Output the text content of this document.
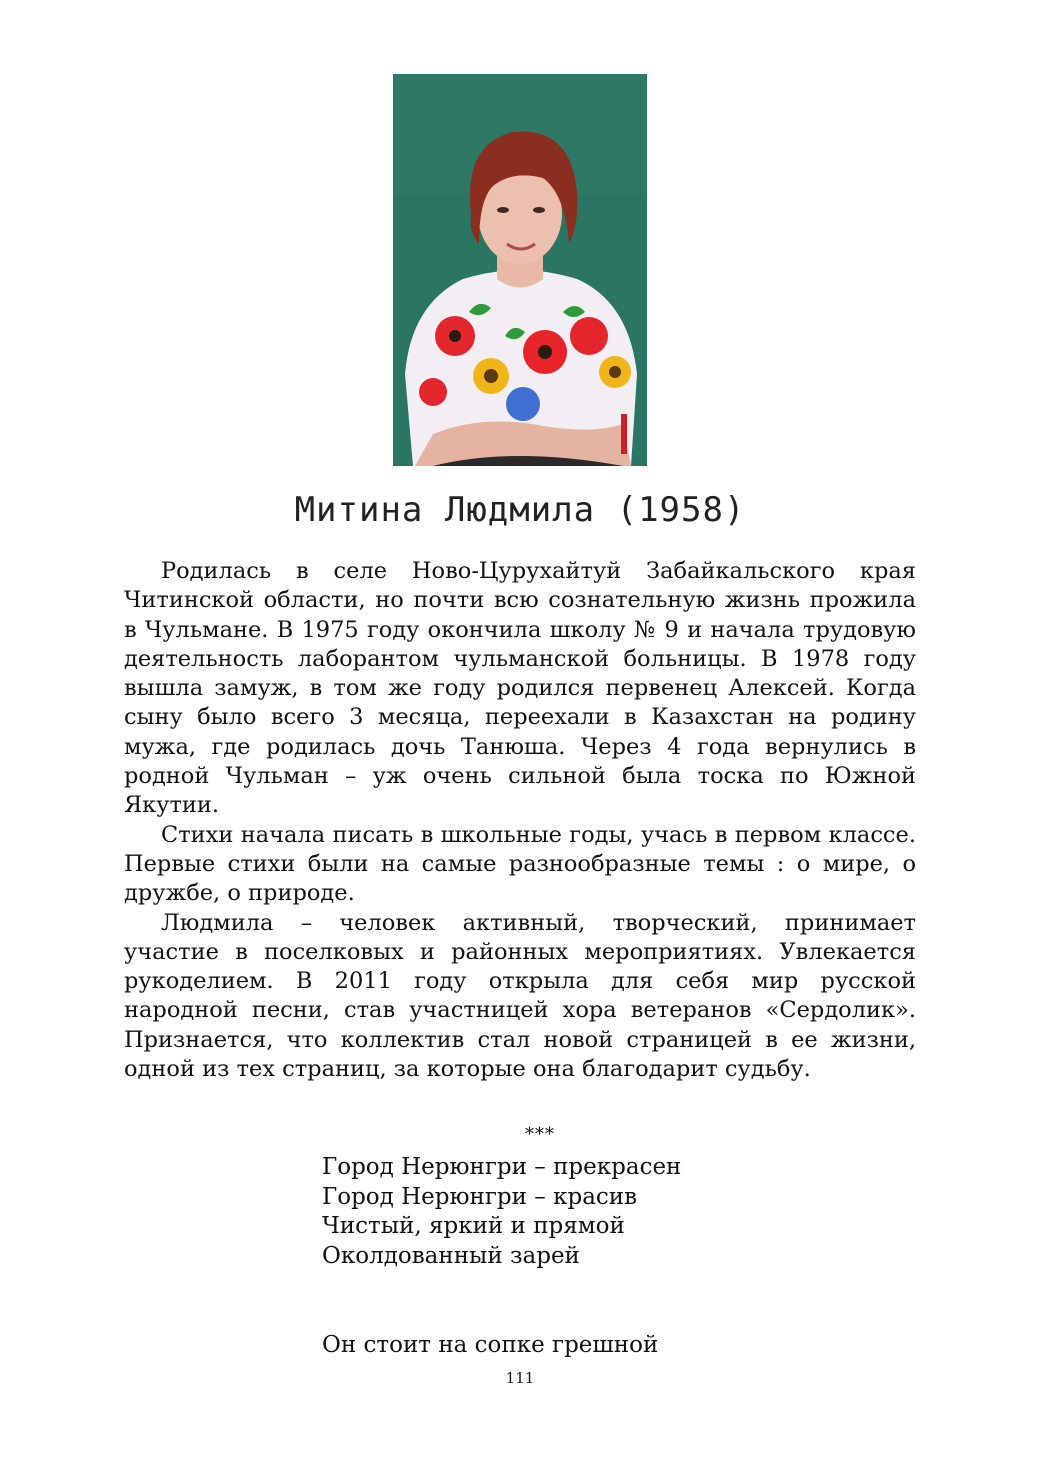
Митина Людмила (1958)

Родилась в селе Ново-Цурухайтуй Забайкальского края Читинской области, но почти всю сознательную жизнь прожила в Чульмане. В 1975 году окончила школу № 9 и начала трудовую деятельность лаборантом чульманской больницы. В 1978 году вышла замуж, в том же году родился первенец Алексей. Когда сыну было всего 3 месяца, переехали в Казахстан на родину мужа, где родилась дочь Танюша. Через 4 года вернулись в родной Чульман – уж очень сильной была тоска по Южной Якутии.

Стихи начала писать в школьные годы, учась в первом классе. Первые стихи были на самые разнообразные темы : о мире, о дружбе, о природе.

Людмила – человек активный, творческий, принимает участие в поселковых и районных мероприятиях. Увлекается рукоделием. В 2011 году открыла для себя мир русской народной песни, став участницей хора ветеранов «Сердолик». Признается, что коллектив стал новой страницей в ее жизни, одной из тех страниц, за которые она благодарит судьбу.

***
Город Нерюнгри – прекрасен
Город Нерюнгри – красив
Чистый, яркий и прямой
Околдованный зарей
Он стоит на сопке грешной
111
